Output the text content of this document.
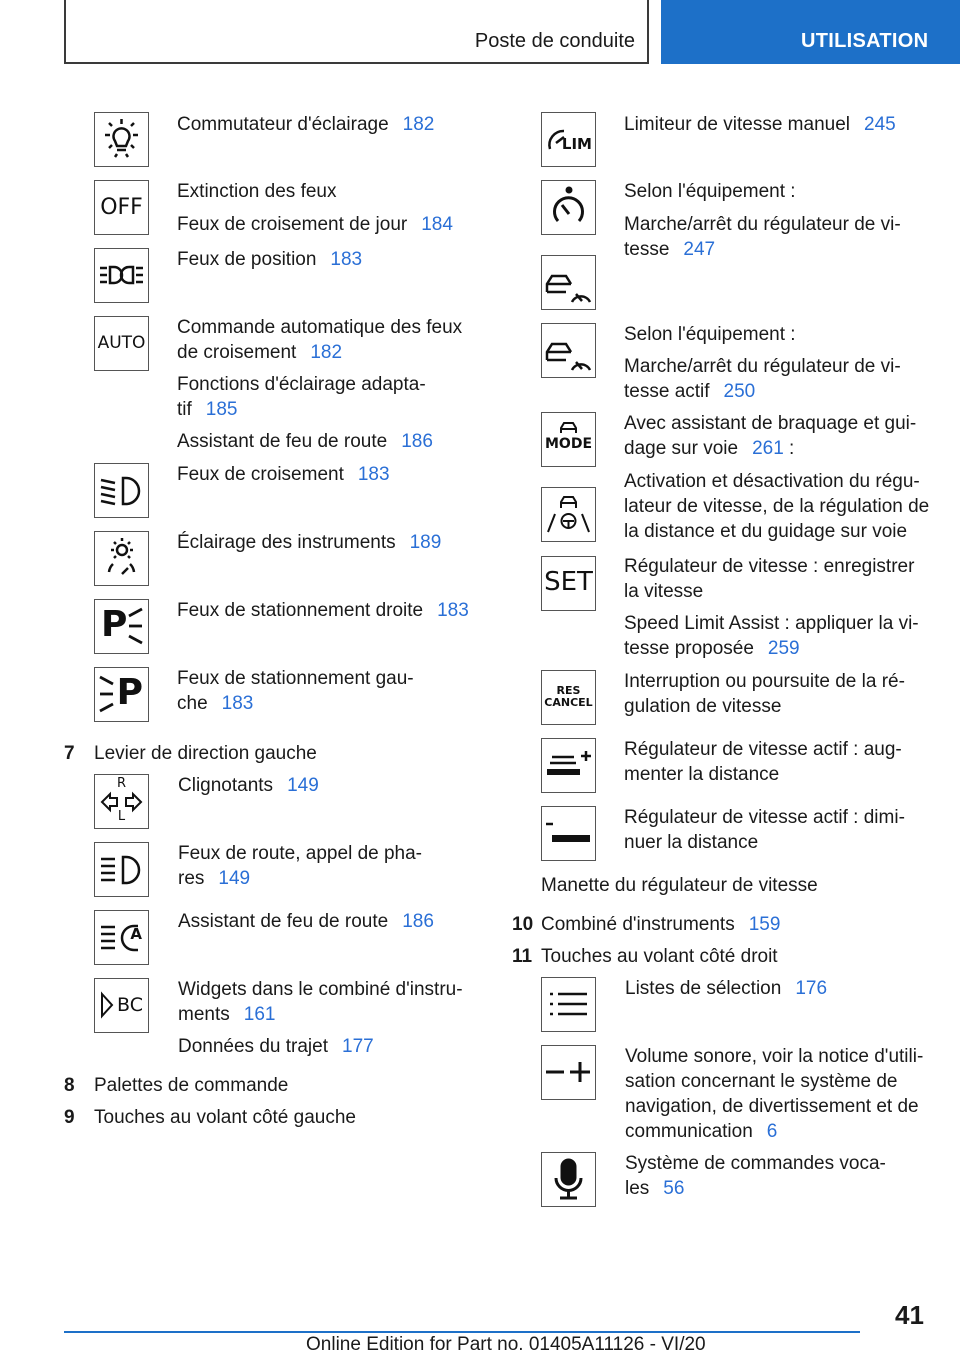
Poste de conduite	UTILISATION
OFF
AUTO
P
P
R
L
A
BC
Commutateur d'éclairage 182
Extinction des feux
Feux de croisement de jour 184
Feux de position 183
Commande automatique des feux
de croisement 182
Fonctions d'éclairage adapta-
tif 185
Assistant de feu de route 186
Feux de croisement 183
Éclairage des instruments 189
Feux de stationnement droite 183
Feux de stationnement gau-
che 183
7 Levier de direction gauche
Clignotants 149
Feux de route, appel de pha-
res 149
Assistant de feu de route 186
Widgets dans le combiné d'instru-
ments 161
Données du trajet 177
8 Palettes de commande
9 Touches au volant côté gauche
LIM
MODE
SET
RES
CANCEL
Limiteur de vitesse manuel 245
Selon l'équipement :
Marche/arrêt du régulateur de vi-
tesse 247
Selon l'équipement :
Marche/arrêt du régulateur de vi-
tesse actif 250
Avec assistant de braquage et gui-
dage sur voie 261 :
Activation et désactivation du régu-
lateur de vitesse, de la régulation de
la distance et du guidage sur voie
Régulateur de vitesse : enregistrer
la vitesse
Speed Limit Assist : appliquer la vi-
tesse proposée 259
Interruption ou poursuite de la ré-
gulation de vitesse
Régulateur de vitesse actif : aug-
menter la distance
Régulateur de vitesse actif : dimi-
nuer la distance
Manette du régulateur de vitesse
10 Combiné d'instruments 159
11 Touches au volant côté droit
Listes de sélection 176
Volume sonore, voir la notice d'utili-
sation concernant le système de
navigation, de divertissement et de
communication 6
Système de commandes voca-
les 56
41
Online Edition for Part no. 01405A11126 - VI/20
